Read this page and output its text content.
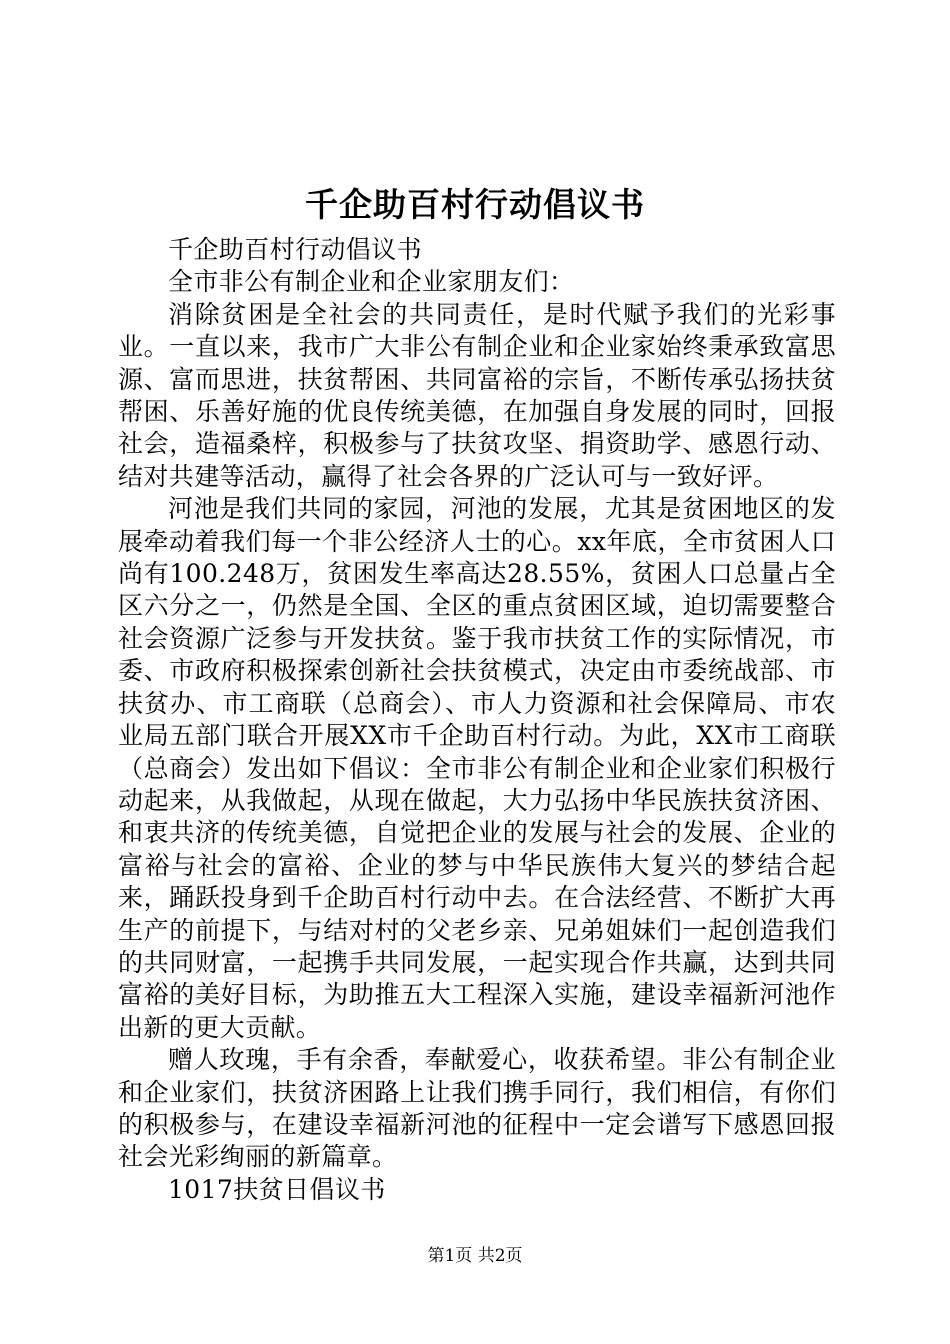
千企助百村行动倡议书

千企助百村行动倡议书

全市非公有制企业和企业家朋友们：

消除贫困是全社会的共同责任，是时代赋予我们的光彩事业。一直以来，我市广大非公有制企业和企业家始终秉承致富思源、富而思进，扶贫帮困、共同富裕的宗旨，不断传承弘扬扶贫帮困、乐善好施的优良传统美德，在加强自身发展的同时，回报社会，造福桑梓，积极参与了扶贫攻坚、捐资助学、感恩行动、结对共建等活动，赢得了社会各界的广泛认可与一致好评。

河池是我们共同的家园，河池的发展，尤其是贫困地区的发展牵动着我们每一个非公经济人士的心。xx年底，全市贫困人口尚有100.248万，贫困发生率高达28.55%，贫困人口总量占全区六分之一，仍然是全国、全区的重点贫困区域，迫切需要整合社会资源广泛参与开发扶贫。鉴于我市扶贫工作的实际情况，市委、市政府积极探索创新社会扶贫模式，决定由市委统战部、市扶贫办、市工商联（总商会）、市人力资源和社会保障局、市农业局五部门联合开展XX市千企助百村行动。为此，XX市工商联（总商会）发出如下倡议：全市非公有制企业和企业家们积极行动起来，从我做起，从现在做起，大力弘扬中华民族扶贫济困、和衷共济的传统美德，自觉把企业的发展与社会的发展、企业的富裕与社会的富裕、企业的梦与中华民族伟大复兴的梦结合起来，踊跃投身到千企助百村行动中去。在合法经营、不断扩大再生产的前提下，与结对村的父老乡亲、兄弟姐妹们一起创造我们的共同财富，一起携手共同发展，一起实现合作共赢，达到共同富裕的美好目标，为助推五大工程深入实施，建设幸福新河池作出新的更大贡献。

赠人玫瑰，手有余香，奉献爱心，收获希望。非公有制企业和企业家们，扶贫济困路上让我们携手同行，我们相信，有你们的积极参与，在建设幸福新河池的征程中一定会谱写下感恩回报社会光彩绚丽的新篇章。

1017扶贫日倡议书

第1页 共2页
